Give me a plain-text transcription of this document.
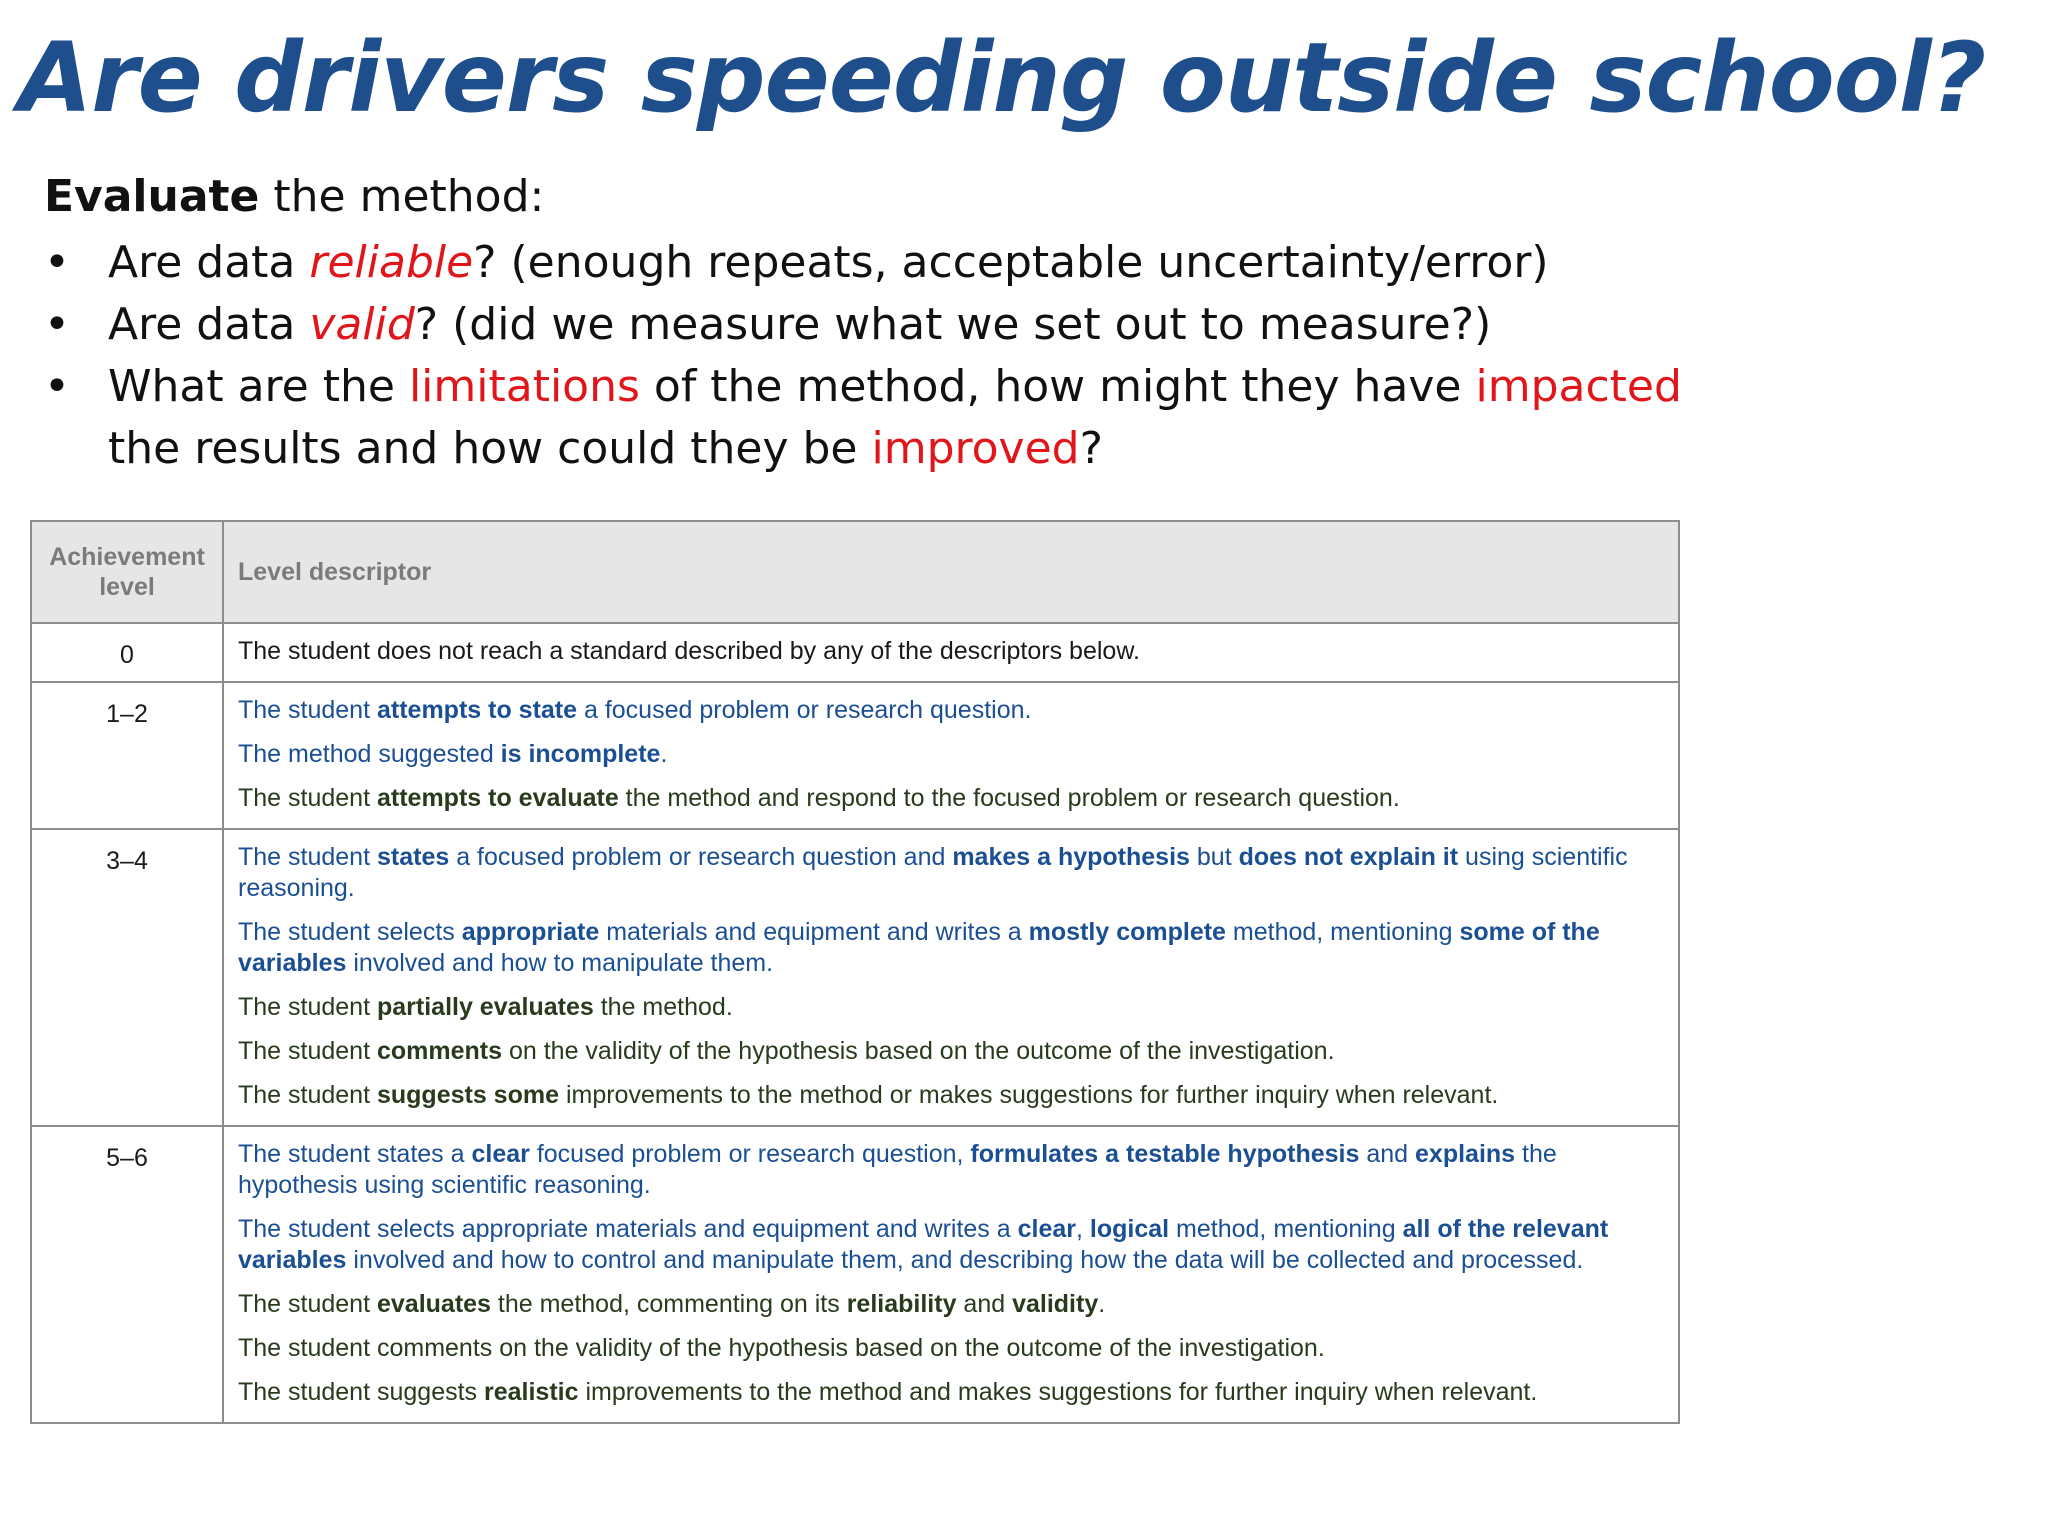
Are drivers speeding outside school?

Evaluate the method:

• Are data reliable? (enough repeats, acceptable uncertainty/error)
• Are data valid? (did we measure what we set out to measure?)
• What are the limitations of the method, how might they have impacted the results and how could they be improved?
Achievement
level	Level descriptor
0	The student does not reach a standard described by any of the descriptors below.

1–2	The student attempts to state a focused problem or research question.

The method suggested is incomplete.

The student attempts to evaluate the method and respond to the focused problem or research question.

3–4	The student states a focused problem or research question and makes a hypothesis but does not explain it using scientific reasoning.

The student selects appropriate materials and equipment and writes a mostly complete method, mentioning some of the variables involved and how to manipulate them.

The student partially evaluates the method.

The student comments on the validity of the hypothesis based on the outcome of the investigation.

The student suggests some improvements to the method or makes suggestions for further inquiry when relevant.

5–6	The student states a clear focused problem or research question, formulates a testable hypothesis and explains the hypothesis using scientific reasoning.

The student selects appropriate materials and equipment and writes a clear, logical method, mentioning all of the relevant variables involved and how to control and manipulate them, and describing how the data will be collected and processed.

The student evaluates the method, commenting on its reliability and validity.

The student comments on the validity of the hypothesis based on the outcome of the investigation.

The student suggests realistic improvements to the method and makes suggestions for further inquiry when relevant.
